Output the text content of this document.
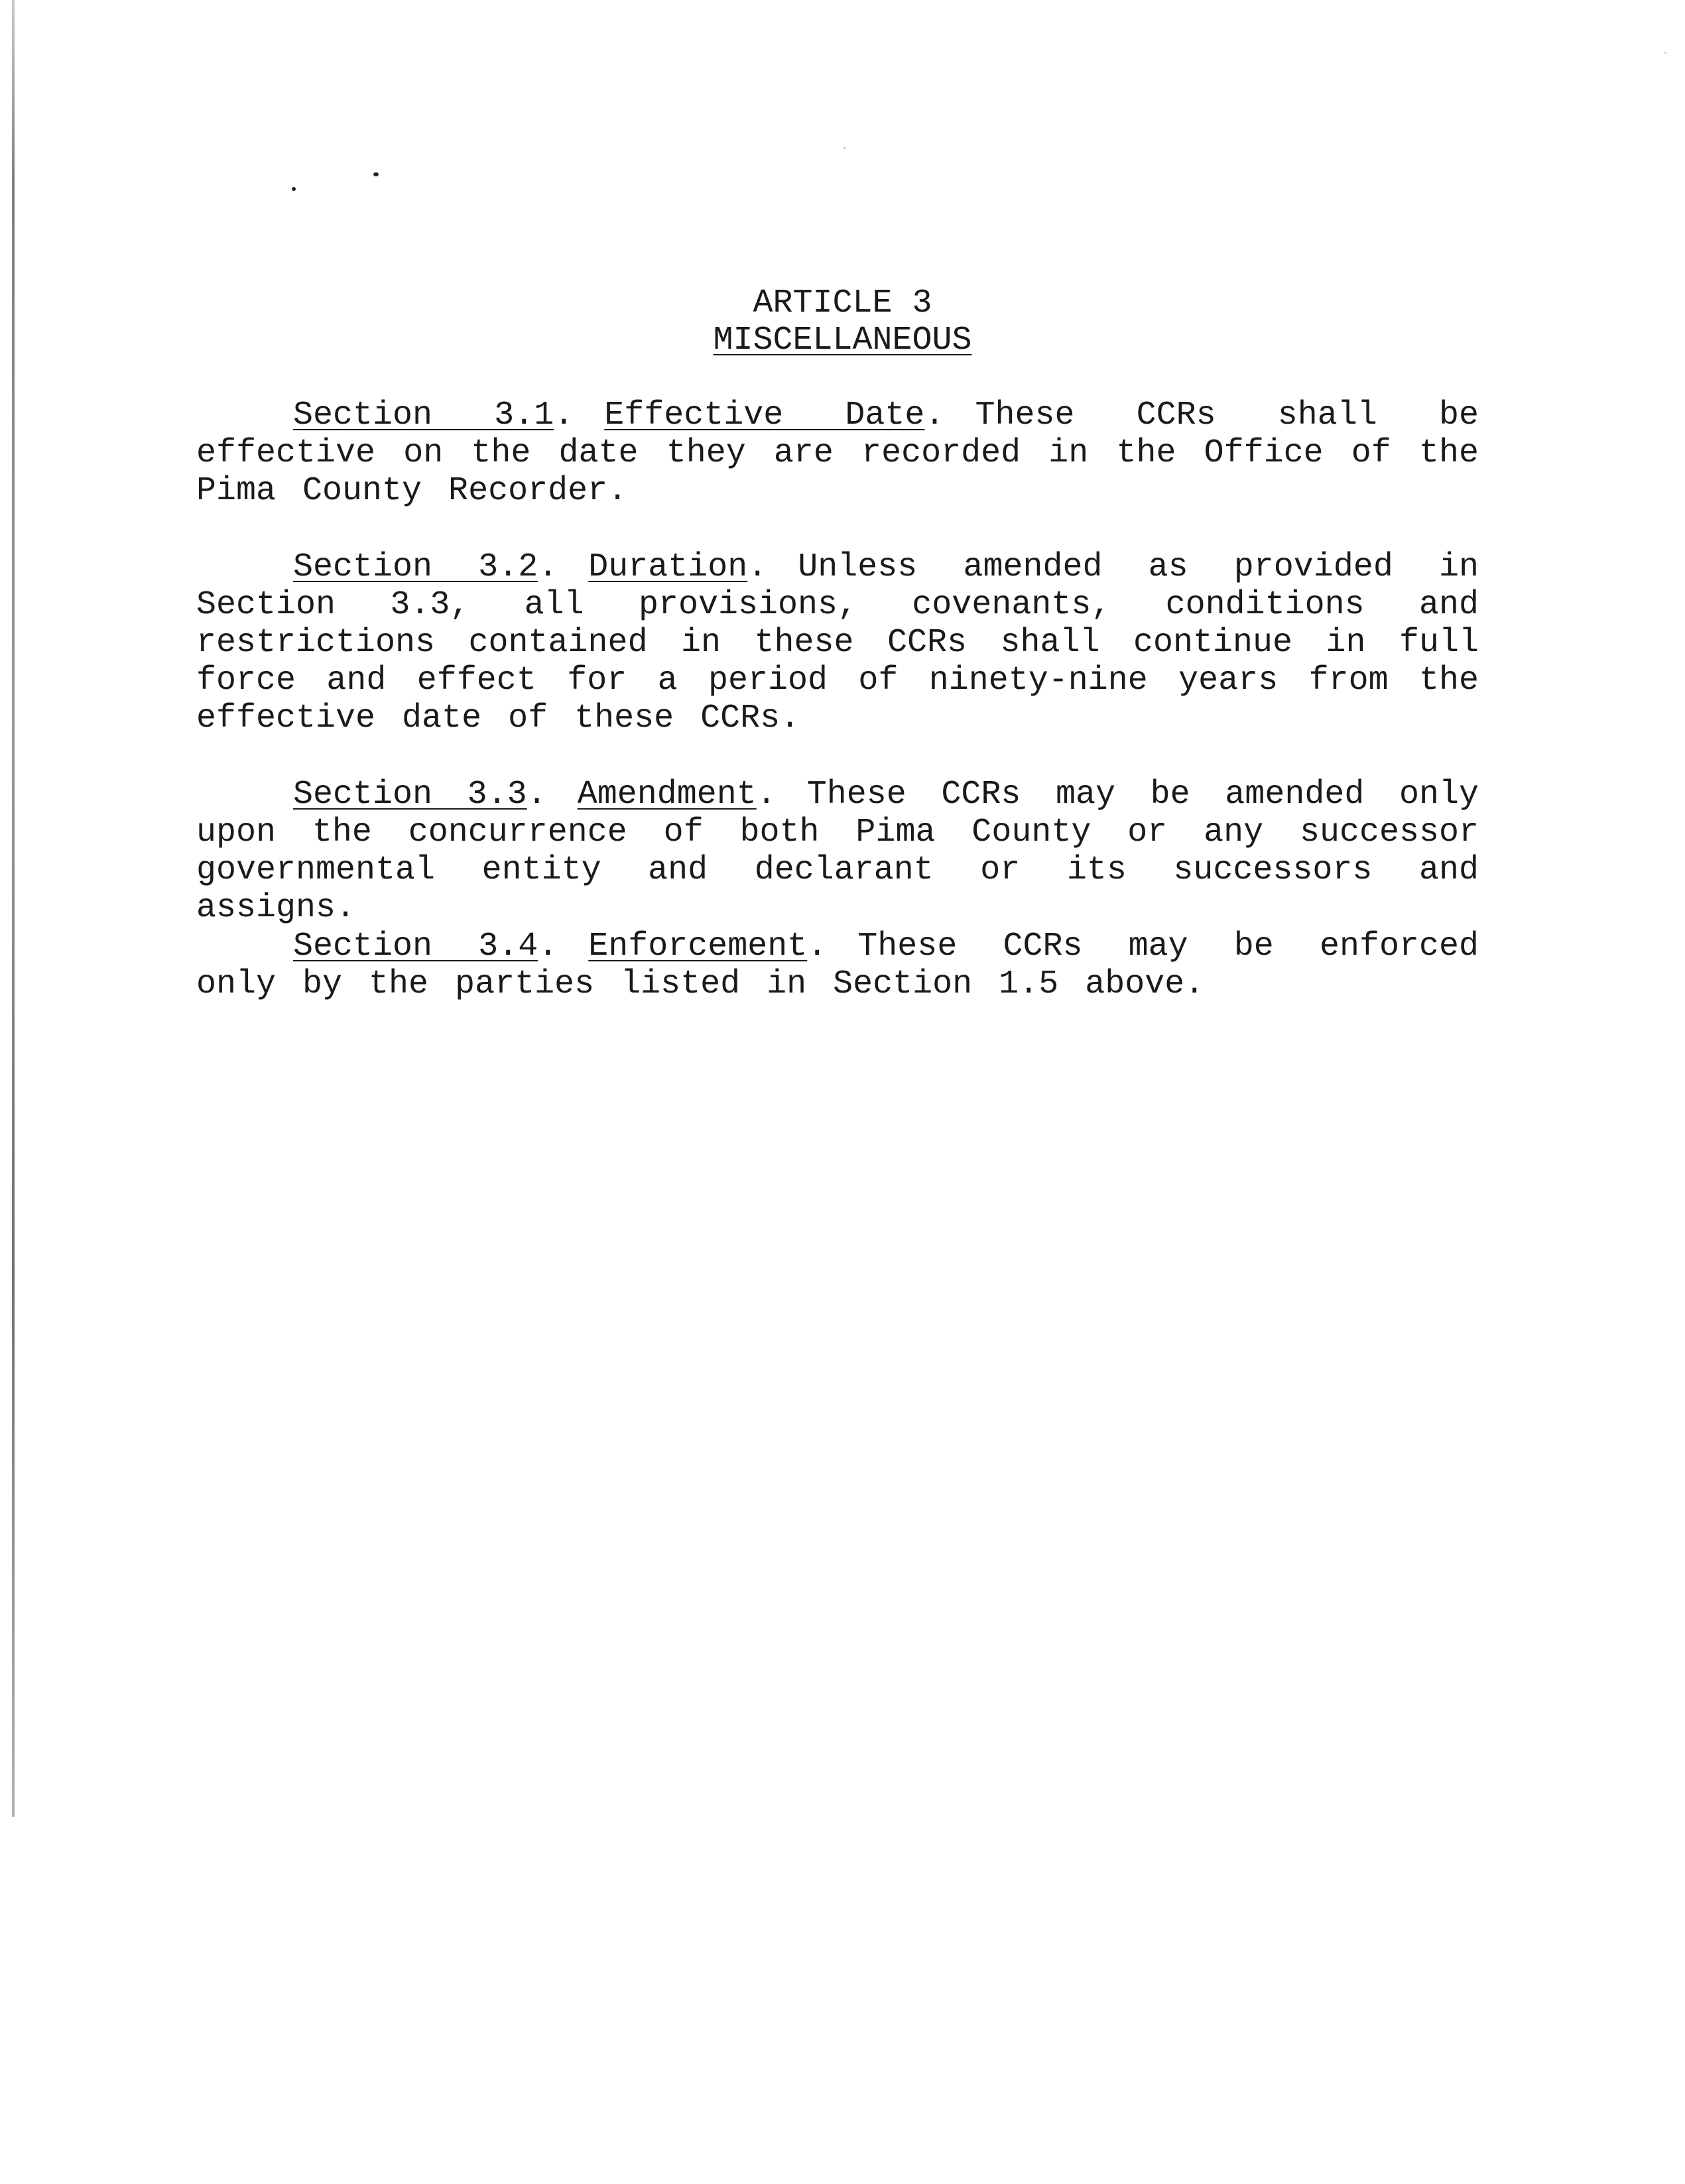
ARTICLE 3
MISCELLANEOUS

Section 3.1. Effective Date. These CCRs shall be effective on the date they are recorded in the Office of the Pima County Recorder.

Section 3.2. Duration. Unless amended as provided in Section 3.3, all provisions, covenants, conditions and restrictions contained in these CCRs shall continue in full force and effect for a period of ninety-nine years from the effective date of these CCRs.

Section 3.3. Amendment. These CCRs may be amended only upon the concurrence of both Pima County or any successor governmental entity and declarant or its successors and assigns.

Section 3.4. Enforcement. These CCRs may be enforced only by the parties listed in Section 1.5 above.
